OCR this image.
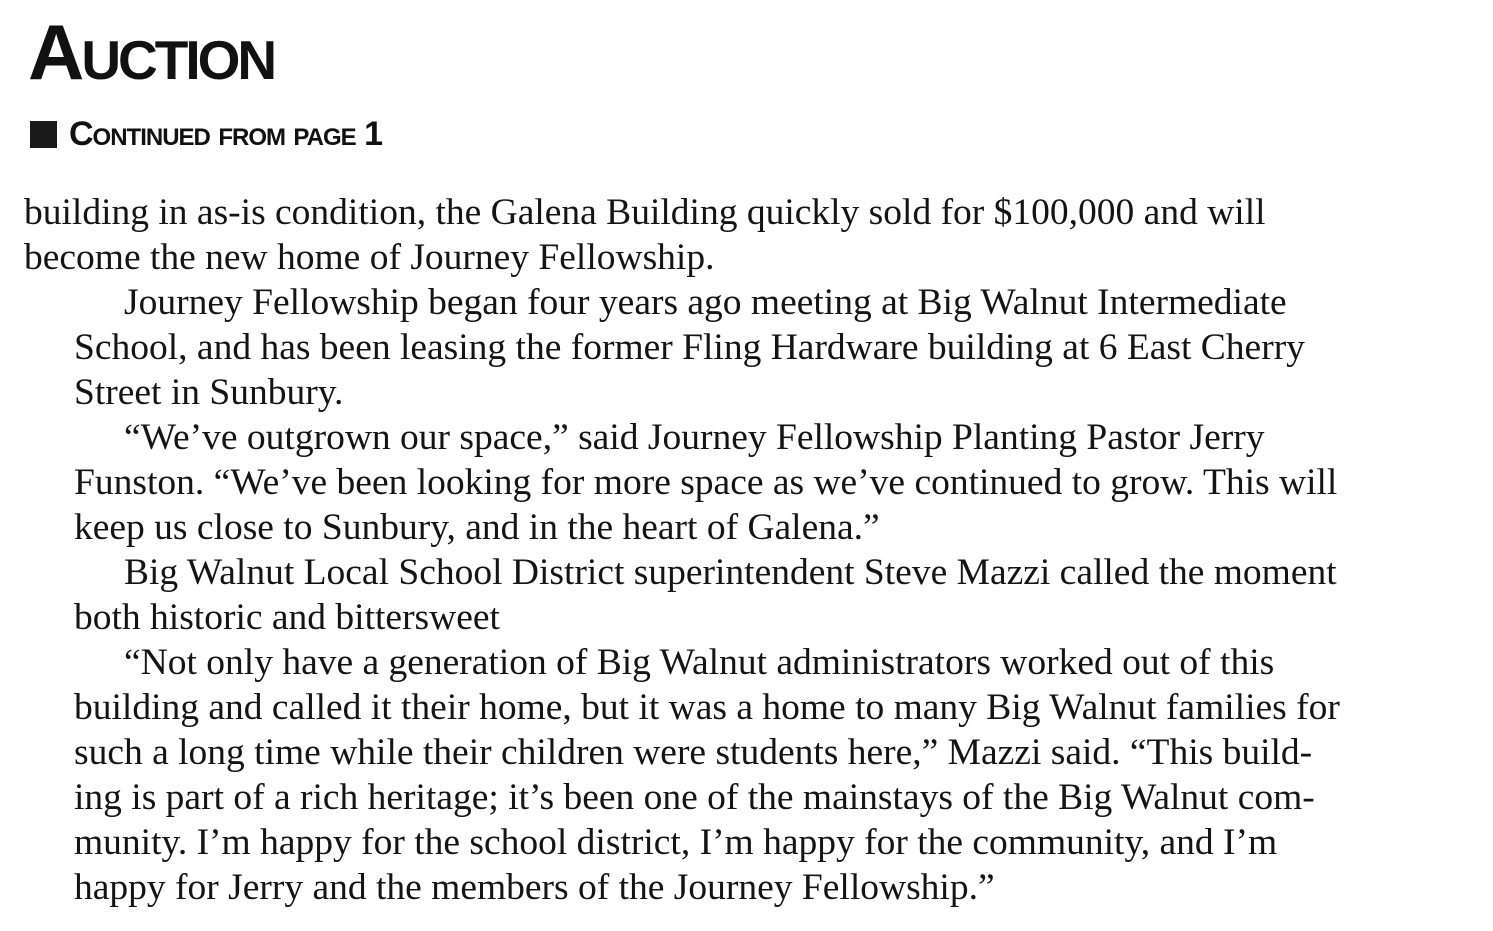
Auction
Continued from page 1

building in as-is condition, the Galena Building quickly sold for $100,000 and will
become the new home of Journey Fellowship.

Journey Fellowship began four years ago meeting at Big Walnut Intermediate
School, and has been leasing the former Fling Hardware building at 6 East Cherry
Street in Sunbury.

“We’ve outgrown our space,” said Journey Fellowship Planting Pastor Jerry
Funston. “We’ve been looking for more space as we’ve continued to grow. This will
keep us close to Sunbury, and in the heart of Galena.”

Big Walnut Local School District superintendent Steve Mazzi called the moment
both historic and bittersweet

“Not only have a generation of Big Walnut administrators worked out of this
building and called it their home, but it was a home to many Big Walnut families for
such a long time while their children were students here,” Mazzi said. “This build-
ing is part of a rich heritage; it’s been one of the mainstays of the Big Walnut com-
munity. I’m happy for the school district, I’m happy for the community, and I’m
happy for Jerry and the members of the Journey Fellowship.”
